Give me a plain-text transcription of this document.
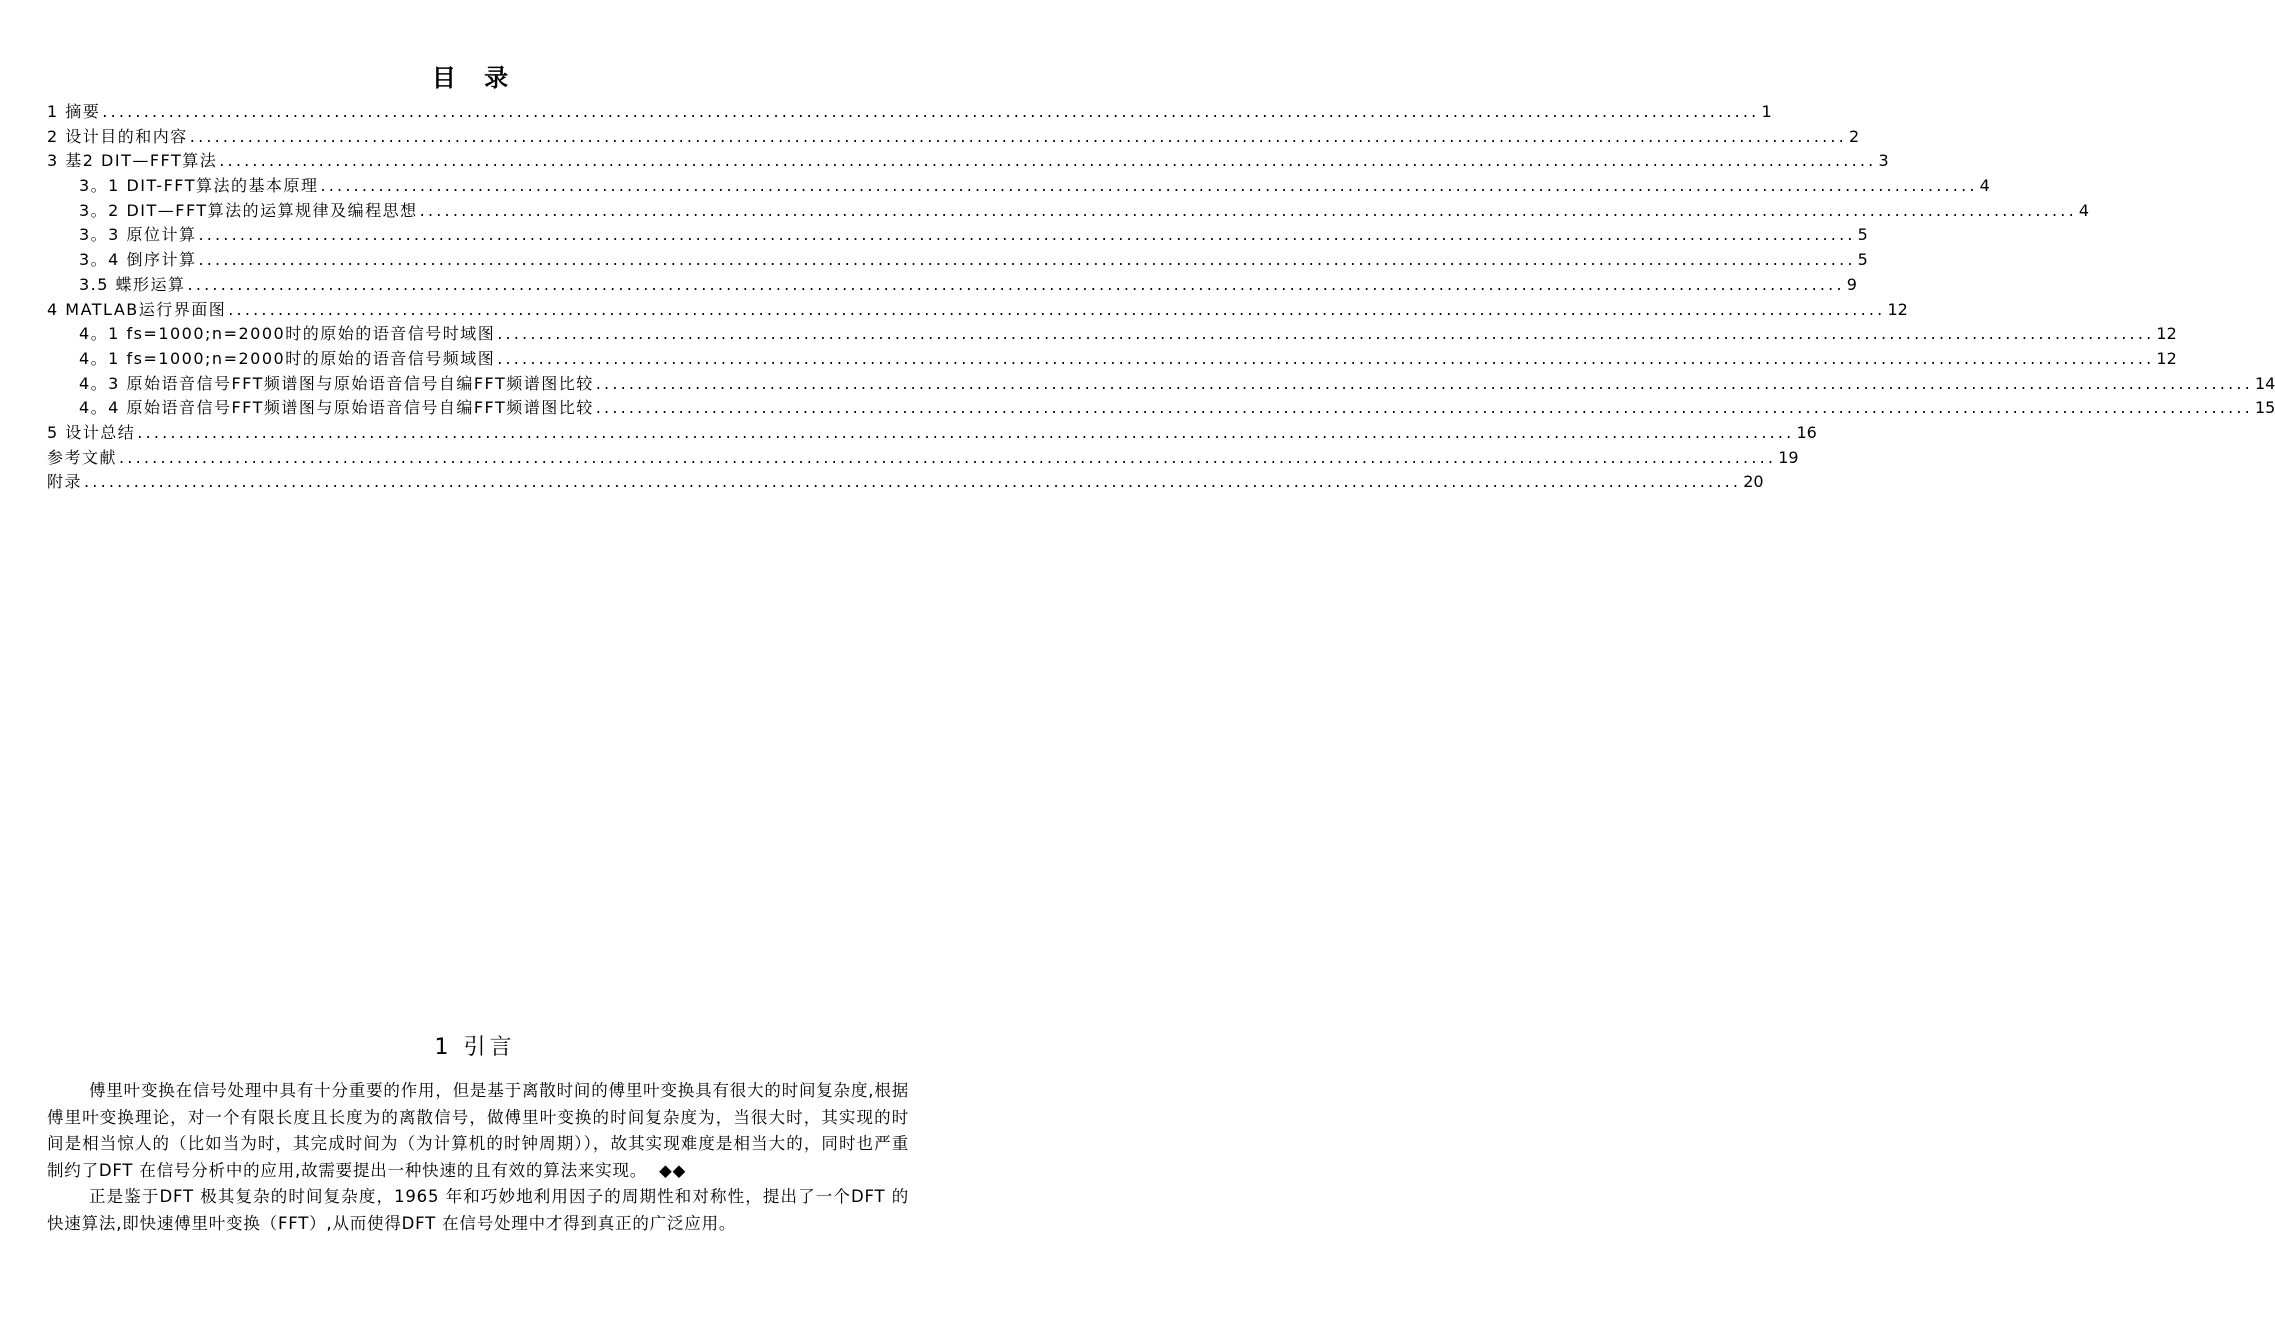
目 录
1 摘要 ........................................................................................................................................................................................................ 1
2 设计目的和内容 ........................................................................................................................................................................................................ 2
3 基2 DIT—FFT算法 ........................................................................................................................................................................................................ 3
3。1 DIT-FFT算法的基本原理 ........................................................................................................................................................................................................ 4
3。2 DIT—FFT算法的运算规律及编程思想 ........................................................................................................................................................................................................ 4
3。3 原位计算 ........................................................................................................................................................................................................ 5
3。4 倒序计算 ........................................................................................................................................................................................................ 5
3.5 蝶形运算 ........................................................................................................................................................................................................ 9
4 MATLAB运行界面图 ........................................................................................................................................................................................................ 12
4。1 fs=1000;n=2000时的原始的语音信号时域图 ........................................................................................................................................................................................................ 12
4。1 fs=1000;n=2000时的原始的语音信号频域图 ........................................................................................................................................................................................................ 12
4。3 原始语音信号FFT频谱图与原始语音信号自编FFT频谱图比较 ........................................................................................................................................................................................................ 14
4。4 原始语音信号FFT频谱图与原始语音信号自编FFT频谱图比较 ........................................................................................................................................................................................................ 15
5 设计总结 ........................................................................................................................................................................................................ 16
参考文献 ........................................................................................................................................................................................................ 19
附录 ........................................................................................................................................................................................................ 20
1 引言

傅里叶变换在信号处理中具有十分重要的作用，但是基于离散时间的傅里叶变换具有很大的时间复杂度,根据傅里叶变换理论，对一个有限长度且长度为的离散信号，做傅里叶变换的时间复杂度为，当很大时，其实现的时间是相当惊人的（比如当为时，其完成时间为（为计算机的时钟周期）），故其实现难度是相当大的，同时也严重制约了DFT 在信号分析中的应用,故需要提出一种快速的且有效的算法来实现。 ◆◆

正是鉴于DFT 极其复杂的时间复杂度，1965 年和巧妙地利用因子的周期性和对称性，提出了一个DFT 的快速算法,即快速傅里叶变换（FFT）,从而使得DFT 在信号处理中才得到真正的广泛应用。
